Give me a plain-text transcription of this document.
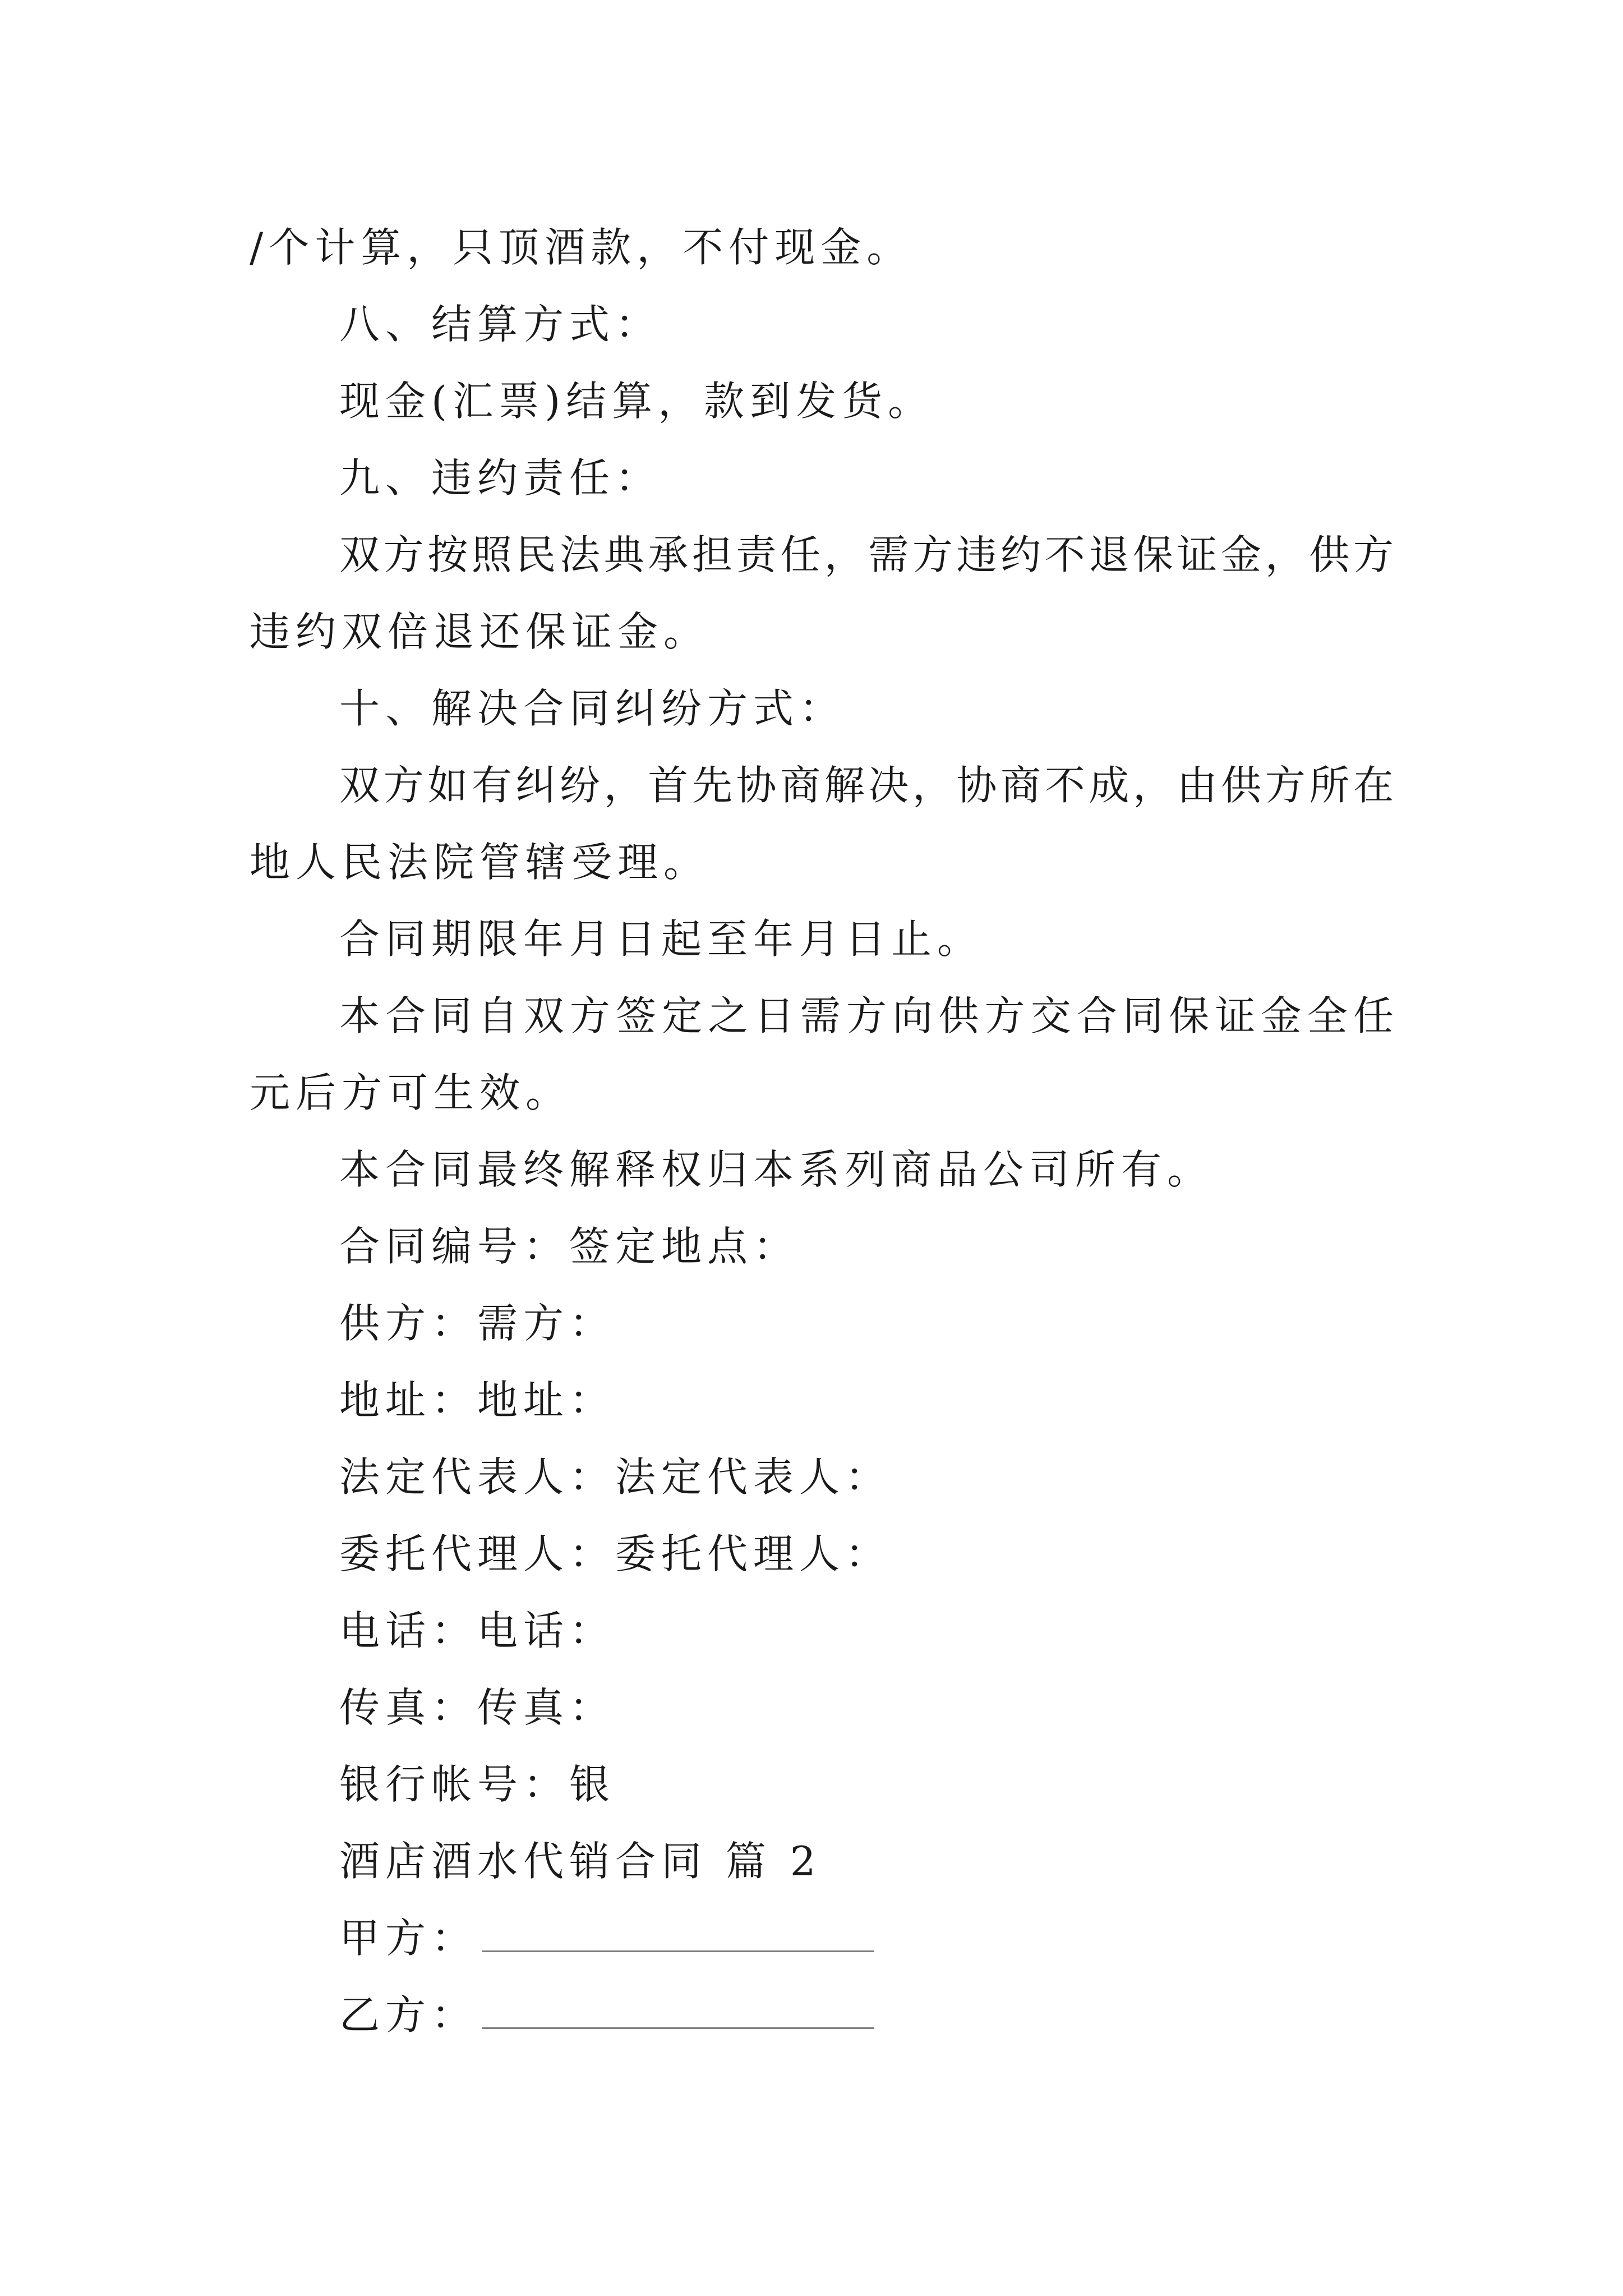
/个计算，只顶酒款，不付现金。
八、结算方式：
现金(汇票)结算，款到发货。
九、违约责任：
双方按照民法典承担责任，需方违约不退保证金，供方
违约双倍退还保证金。
十、解决合同纠纷方式：
双方如有纠纷，首先协商解决，协商不成，由供方所在
地人民法院管辖受理。
合同期限年月日起至年月日止。
本合同自双方签定之日需方向供方交合同保证金全任
元后方可生效。
本合同最终解释权归本系列商品公司所有。
合同编号：签定地点：
供方：需方：
地址：地址：
法定代表人：法定代表人：
委托代理人：委托代理人：
电话：电话：
传真：传真：
银行帐号：银
酒店酒水代销合同 篇 2
甲方：
乙方：
